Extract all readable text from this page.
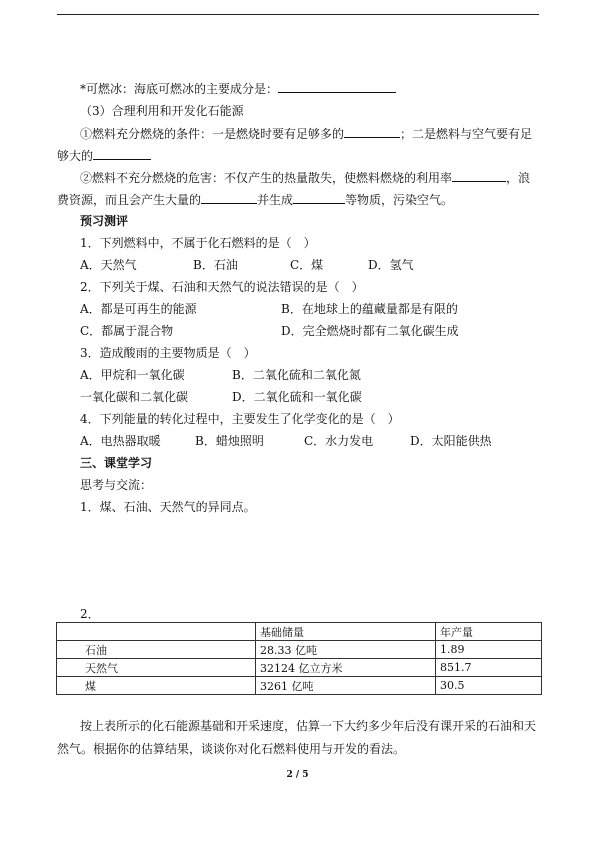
*可燃冰：海底可燃冰的主要成分是：
（3）合理利用和开发化石能源
①燃料充分燃烧的条件：一是燃烧时要有足够多的	；二是燃料与空气要有足
够大的
②燃料不充分燃烧的危害：不仅产生的热量散失，使燃料燃烧的利用率	，浪
费资源，而且会产生大量的	并生成	等物质，污染空气。
预习测评
1．下列燃料中，不属于化石燃料的是（　）
A．天然气	B．石油	C．煤	D．氢气
2．下列关于煤、石油和天然气的说法错误的是（　）
A．都是可再生的能源	B．在地球上的蕴藏量都是有限的
C．都属于混合物	D．完全燃烧时都有二氧化碳生成
3．造成酸雨的主要物质是（　）
A．甲烷和一氧化碳	B．二氧化硫和二氧化氮
一氧化碳和二氧化碳	D．二氧化硫和一氧化碳
4．下列能量的转化过程中，主要发生了化学变化的是（　）
A．电热器取暖	B．蜡烛照明	C．水力发电	D．太阳能供热
三、课堂学习
思考与交流：
1．煤、石油、天然气的异同点。
2．
	基础储量	年产量
石油	28.33 亿吨	1.89
天然气	32124 亿立方米	851.7
煤	3261 亿吨	30.5
按上表所示的化石能源基础和开采速度，估算一下大约多少年后没有课开采的石油和天
然气。根据你的估算结果，谈谈你对化石燃料使用与开发的看法。
2 / 5
